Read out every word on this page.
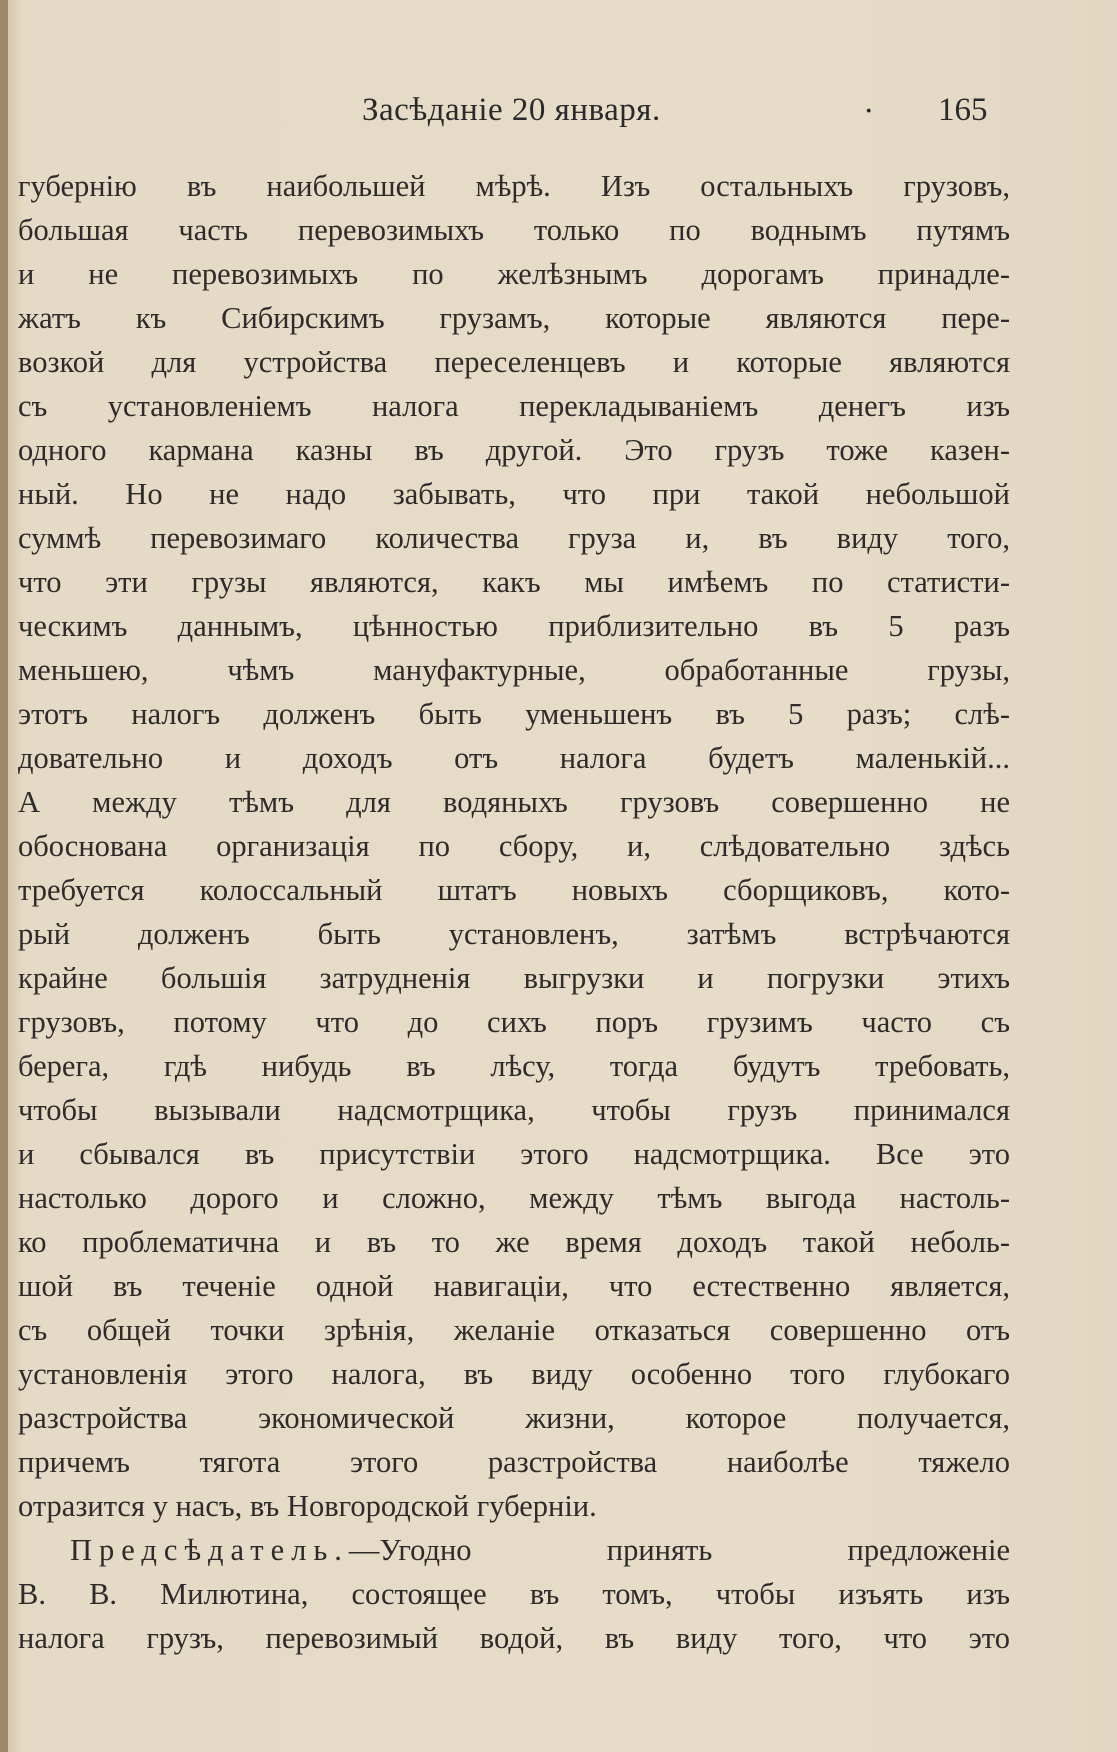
Засѣданіе 20 января.	· 165
губернію въ наибольшей мѣрѣ. Изъ остальныхъ грузовъ,
большая часть перевозимыхъ только по воднымъ путямъ
и не перевозимыхъ по желѣзнымъ дорогамъ принадле-
жатъ къ Сибирскимъ грузамъ, которые являются пере-
возкой для устройства переселенцевъ и которые являются
съ установленіемъ налога перекладываніемъ денегъ изъ
одного кармана казны въ другой. Это грузъ тоже казен-
ный. Но не надо забывать, что при такой небольшой
суммѣ перевозимаго количества груза и, въ виду того,
что эти грузы являются, какъ мы имѣемъ по статисти-
ческимъ даннымъ, цѣнностью приблизительно въ 5 разъ
меньшею, чѣмъ мануфактурные, обработанные грузы,
этотъ налогъ долженъ быть уменьшенъ въ 5 разъ; слѣ-
довательно и доходъ отъ налога будетъ маленькій...
А между тѣмъ для водяныхъ грузовъ совершенно не
обоснована организація по сбору, и, слѣдовательно здѣсь
требуется колоссальный штатъ новыхъ сборщиковъ, кото-
рый долженъ быть установленъ, затѣмъ встрѣчаются
крайне большія затрудненія выгрузки и погрузки этихъ
грузовъ, потому что до сихъ поръ грузимъ часто съ
берега, гдѣ нибудь въ лѣсу, тогда будутъ требовать,
чтобы вызывали надсмотрщика, чтобы грузъ принимался
и сбывался въ присутствіи этого надсмотрщика. Все это
настолько дорого и сложно, между тѣмъ выгода настоль-
ко проблематична и въ то же время доходъ такой неболь-
шой въ теченіе одной навигаціи, что естественно является,
съ общей точки зрѣнія, желаніе отказаться совершенно отъ
установленія этого налога, въ виду особенно того глубокаго
разстройства экономической жизни, которое получается,
причемъ тягота этого разстройства наиболѣе тяжело
отразится у насъ, въ Новгородской губерніи.
Предсѣдатель.—Угодно принять предложеніе
В. В. Милютина, состоящее въ томъ, чтобы изъять изъ
налога грузъ, перевозимый водой, въ виду того, что это
